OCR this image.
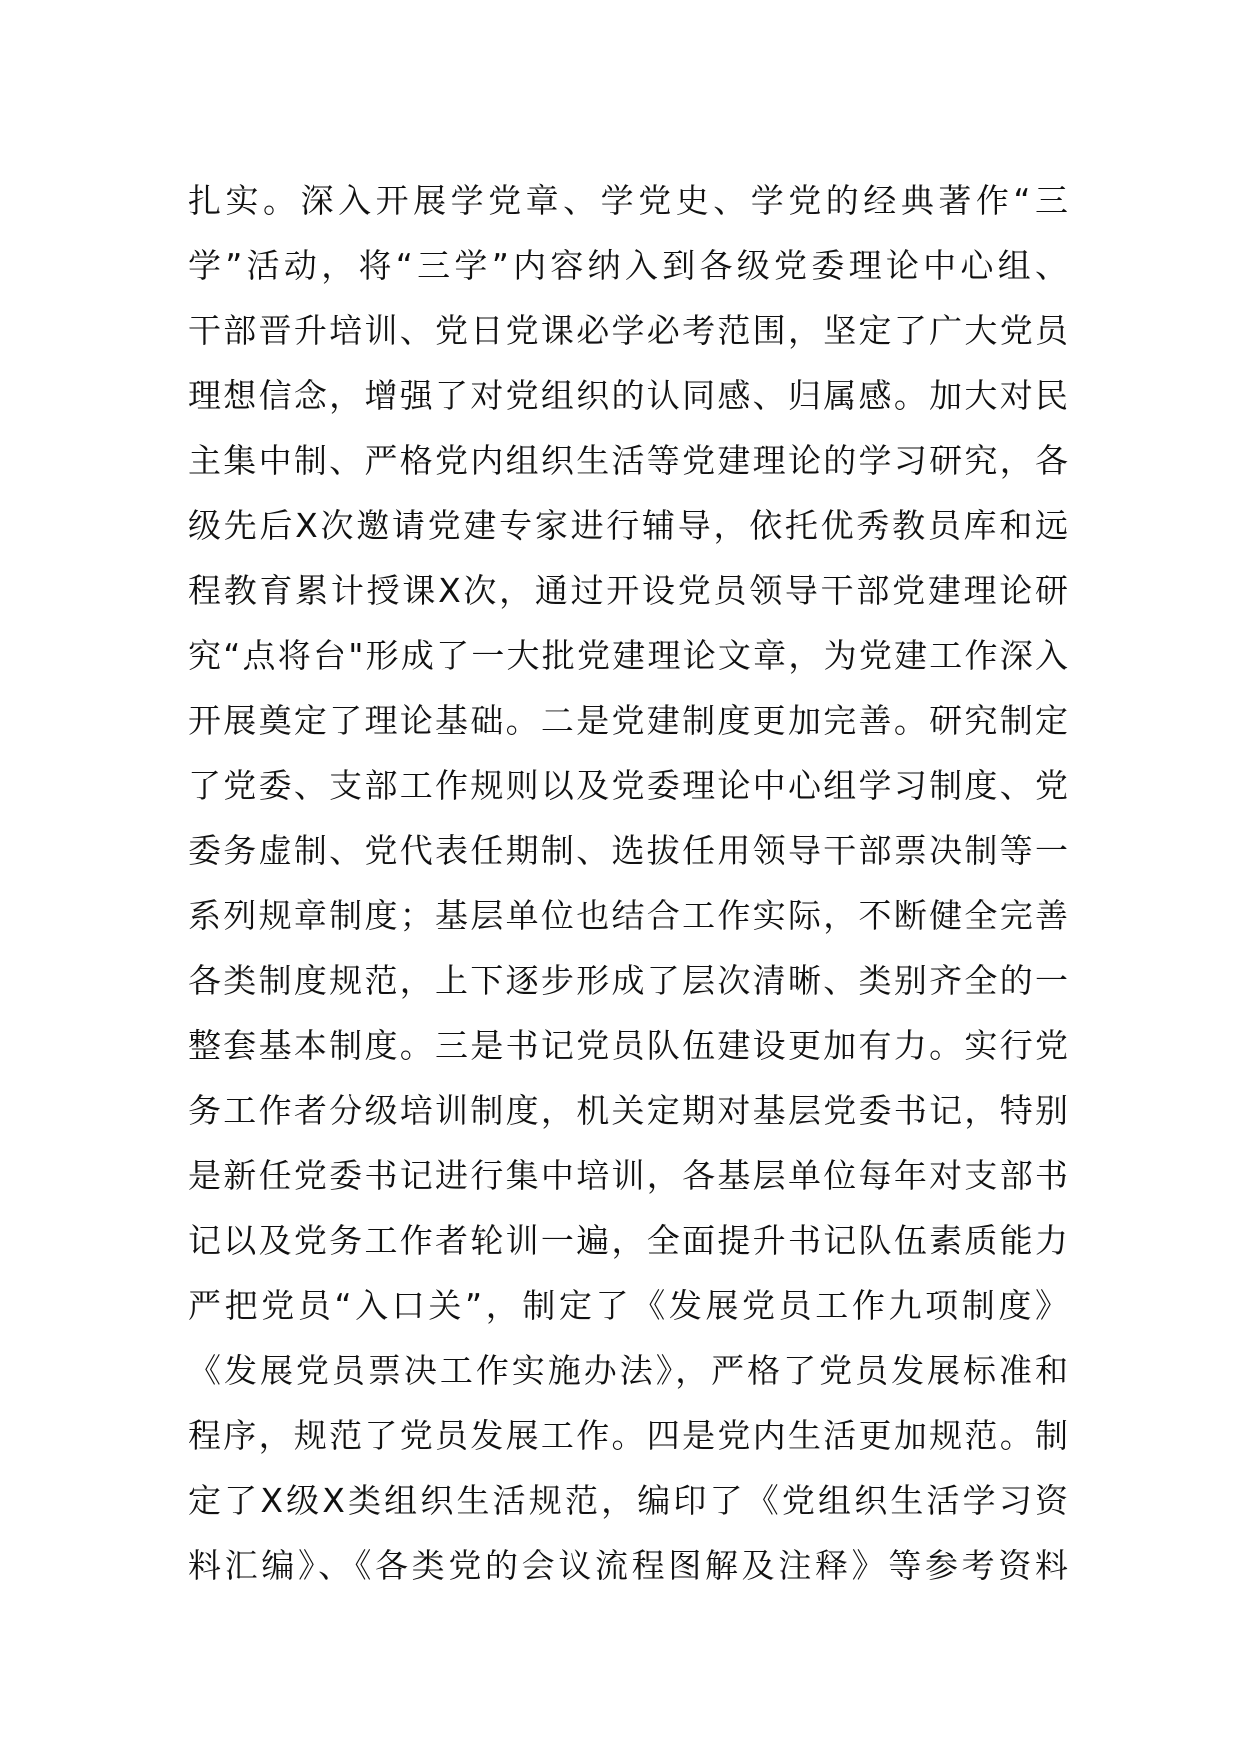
扎实。深入开展学党章、学党史、学党的经典著作“三
学”活动，将“三学”内容纳入到各级党委理论中心组、
干部晋升培训、党日党课必学必考范围，坚定了广大党员
理想信念，增强了对党组织的认同感、归属感。加大对民
主集中制、严格党内组织生活等党建理论的学习研究，各
级先后X次邀请党建专家进行辅导，依托优秀教员库和远
程教育累计授课X次，通过开设党员领导干部党建理论研
究“点将台"形成了一大批党建理论文章，为党建工作深入
开展奠定了理论基础。二是党建制度更加完善。研究制定
了党委、支部工作规则以及党委理论中心组学习制度、党
委务虚制、党代表任期制、选拔任用领导干部票决制等一
系列规章制度；基层单位也结合工作实际，不断健全完善
各类制度规范，上下逐步形成了层次清晰、类别齐全的一
整套基本制度。三是书记党员队伍建设更加有力。实行党
务工作者分级培训制度，机关定期对基层党委书记，特别
是新任党委书记进行集中培训，各基层单位每年对支部书
记以及党务工作者轮训一遍，全面提升书记队伍素质能力
严把党员“入口关”，制定了《发展党员工作九项制度》
《发展党员票决工作实施办法》，严格了党员发展标准和
程序，规范了党员发展工作。四是党内生活更加规范。制
定了X级X类组织生活规范，编印了《党组织生活学习资
料汇编》、《各类党的会议流程图解及注释》等参考资料
